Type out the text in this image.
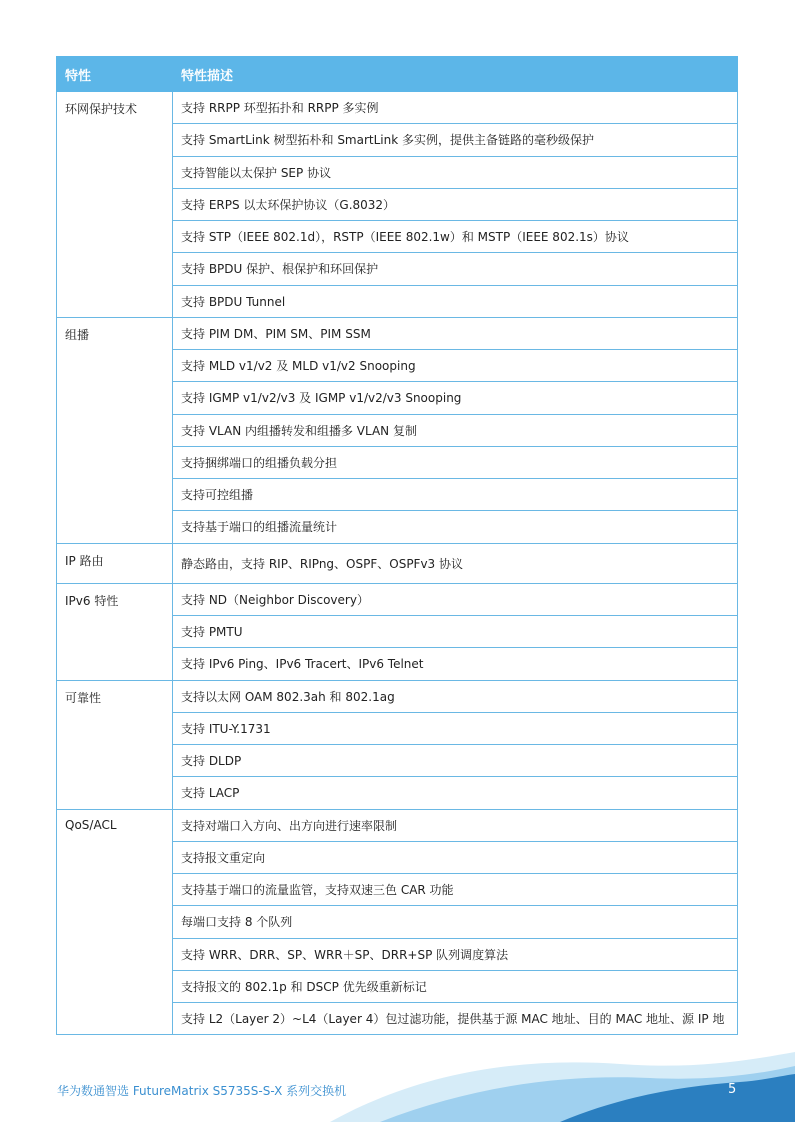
特性	特性描述
环网保护技术	支持 RRPP 环型拓扑和 RRPP 多实例
	支持 SmartLink 树型拓朴和 SmartLink 多实例，提供主备链路的毫秒级保护
	支持智能以太保护 SEP 协议
	支持 ERPS 以太环保护协议（G.8032）
	支持 STP（IEEE 802.1d），RSTP（IEEE 802.1w）和 MSTP（IEEE 802.1s）协议
	支持 BPDU 保护、根保护和环回保护
	支持 BPDU Tunnel
组播	支持 PIM DM、PIM SM、PIM SSM
	支持 MLD v1/v2 及 MLD v1/v2 Snooping
	支持 IGMP v1/v2/v3 及 IGMP v1/v2/v3 Snooping
	支持 VLAN 内组播转发和组播多 VLAN 复制
	支持捆绑端口的组播负载分担
	支持可控组播
	支持基于端口的组播流量统计
IP 路由	静态路由，支持 RIP、RIPng、OSPF、OSPFv3 协议
IPv6 特性	支持 ND（Neighbor Discovery）
	支持 PMTU
	支持 IPv6 Ping、IPv6 Tracert、IPv6 Telnet
可靠性	支持以太网 OAM 802.3ah 和 802.1ag
	支持 ITU-Y.1731
	支持 DLDP
	支持 LACP
QoS/ACL	支持对端口入方向、出方向进行速率限制
	支持报文重定向
	支持基于端口的流量监管，支持双速三色 CAR 功能
	每端口支持 8 个队列
	支持 WRR、DRR、SP、WRR＋SP、DRR+SP 队列调度算法
	支持报文的 802.1p 和 DSCP 优先级重新标记
	支持 L2（Layer 2）~L4（Layer 4）包过滤功能，提供基于源 MAC 地址、目的 MAC 地址、源 IP 地
华为数通智选 FutureMatrix S5735S-S-X 系列交换机	5
